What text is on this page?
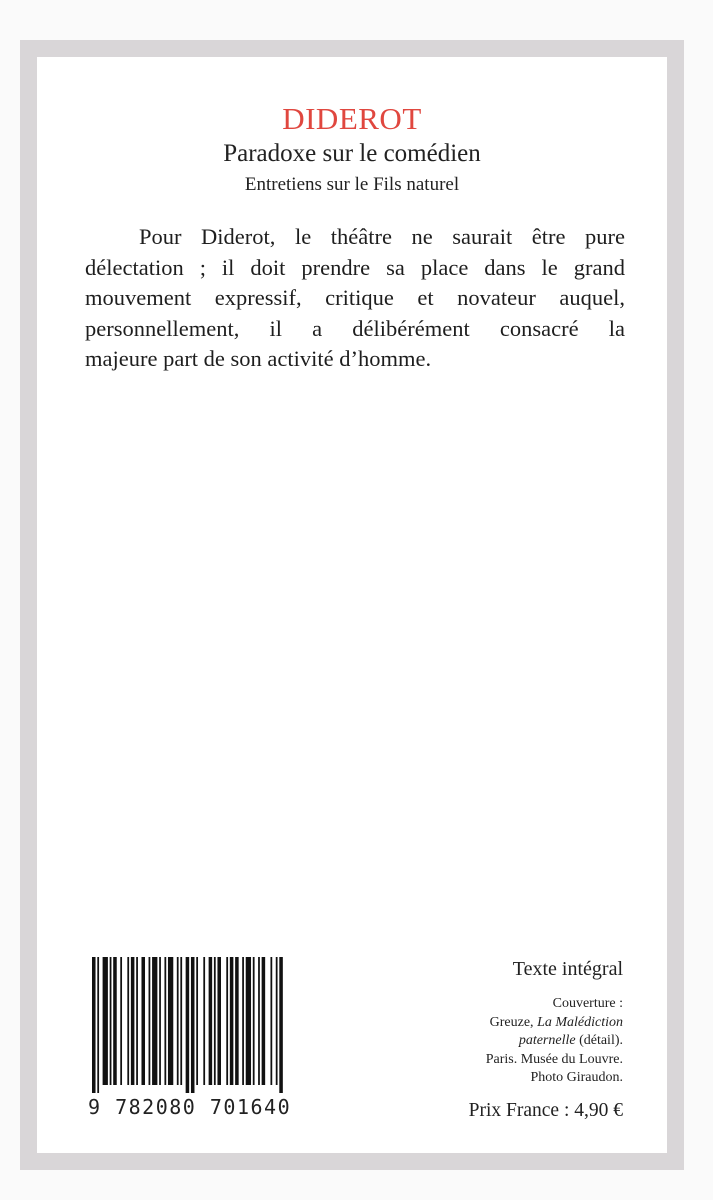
DIDEROT
Paradoxe sur le comédien
Entretiens sur le Fils naturel

Pour Diderot, le théâtre ne saurait être pure
délectation ; il doit prendre sa place dans le grand
mouvement expressif, critique et novateur auquel,
personnellement, il a délibérément consacré la
majeure part de son activité d’homme.

9 782080 701640
Texte intégral
Couverture :
Greuze, La Malédiction
paternelle (détail).
Paris. Musée du Louvre.
Photo Giraudon.
Prix France : 4,90 €
